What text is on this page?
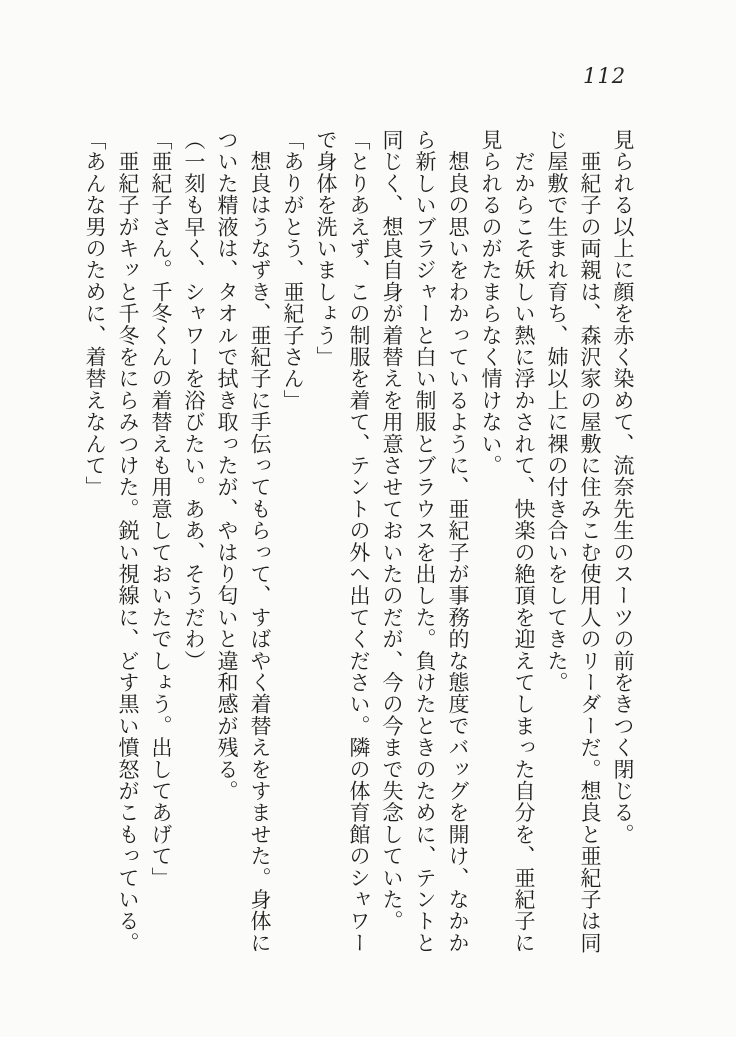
112

見られる以上に顔を赤く染めて、流奈先生のスーツの前をきつく閉じる。

　亜紀子の両親は、森沢家の屋敷に住みこむ使用人のリーダーだ。想良と亜紀子は同じ屋敷で生まれ育ち、姉以上に裸の付き合いをしてきた。

　だからこそ妖しい熱に浮かされて、快楽の絶頂を迎えてしまった自分を、亜紀子に見られるのがたまらなく情けない。

　想良の思いをわかっているように、亜紀子が事務的な態度でバッグを開け、なかから新しいブラジャーと白い制服とブラウスを出した。負けたときのために、テントと同じく、想良自身が着替えを用意させておいたのだが、今の今まで失念していた。

「とりあえず、この制服を着て、テントの外へ出てください。隣の体育館のシャワーで身体を洗いましょう」

「ありがとう、亜紀子さん」

　想良はうなずき、亜紀子に手伝ってもらって、すばやく着替えをすませた。身体についた精液は、タオルで拭き取ったが、やはり匂いと違和感が残る。

（一刻も早く、シャワーを浴びたい。ああ、そうだわ）

「亜紀子さん。千冬くんの着替えも用意しておいたでしょう。出してあげて」

　亜紀子がキッと千冬をにらみつけた。鋭い視線に、どす黒い憤怒がこもっている。

「あんな男のために、着替えなんて」
